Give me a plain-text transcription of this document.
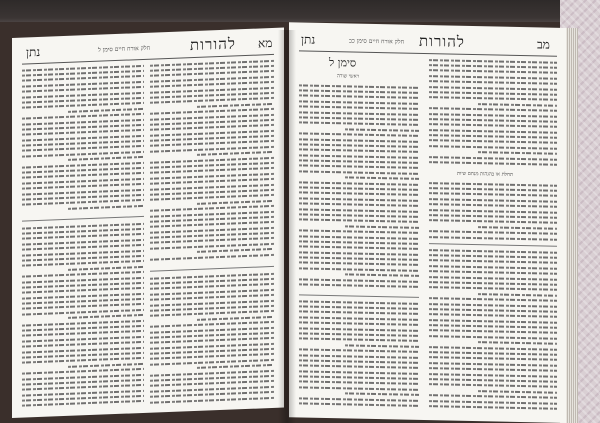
נתן	חלק אורח חיים סימן ל	להורות מא נתן	חלק אורח חיים סימן כב להורות	מב
סימן ל
ראשי שורה
תחלת או בהגהות מנחם שיות
